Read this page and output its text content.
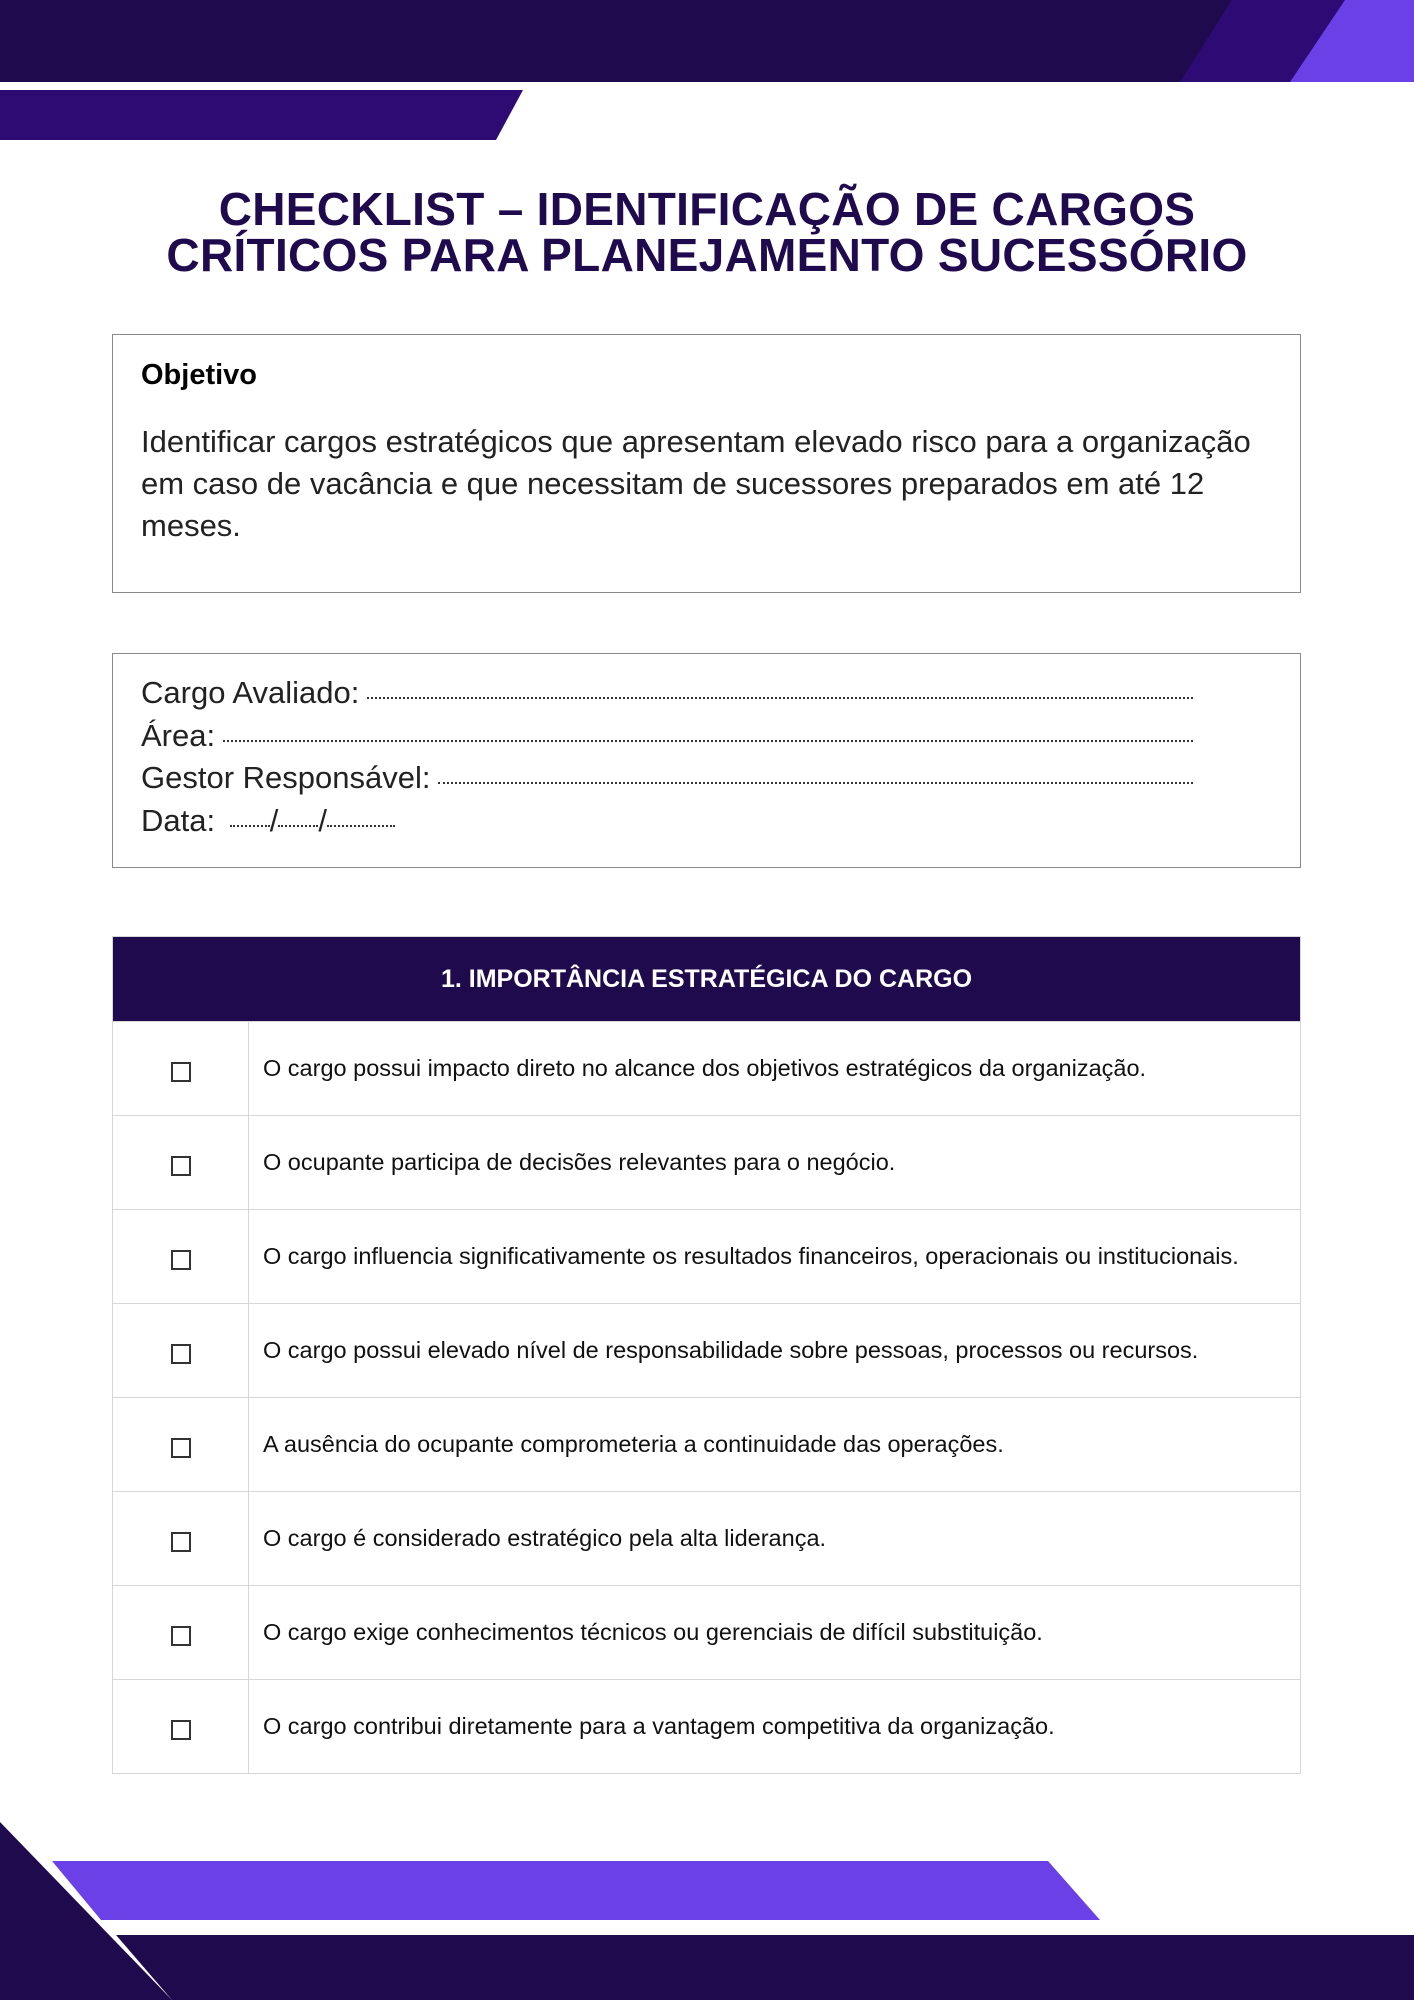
CHECKLIST – IDENTIFICAÇÃO DE CARGOS
CRÍTICOS PARA PLANEJAMENTO SUCESSÓRIO

Objetivo

Identificar cargos estratégicos que apresentam elevado risco para a organização em caso de vacância e que necessitam de sucessores preparados em até 12 meses.

Cargo Avaliado:
Área:
Gestor Responsável:
Data: / /
1. IMPORTÂNCIA ESTRATÉGICA DO CARGO
O cargo possui impacto direto no alcance dos objetivos estratégicos da organização.
O ocupante participa de decisões relevantes para o negócio.
O cargo influencia significativamente os resultados financeiros, operacionais ou institucionais.
O cargo possui elevado nível de responsabilidade sobre pessoas, processos ou recursos.
A ausência do ocupante comprometeria a continuidade das operações.
O cargo é considerado estratégico pela alta liderança.
O cargo exige conhecimentos técnicos ou gerenciais de difícil substituição.
O cargo contribui diretamente para a vantagem competitiva da organização.
